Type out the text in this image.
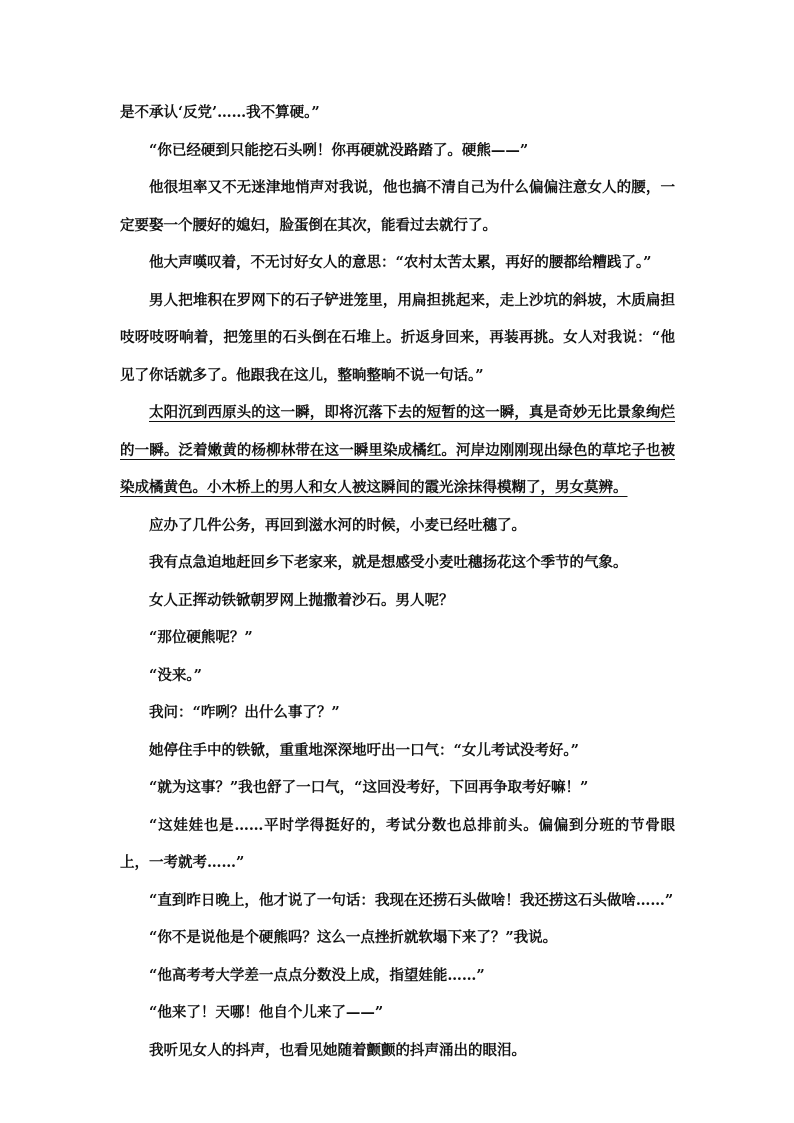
是不承认‘反党’……我不算硬。”

“你已经硬到只能挖石头咧！你再硬就没路踏了。硬熊——”

他很坦率又不无迷津地悄声对我说，他也搞不清自己为什么偏偏注意女人的腰，一定要娶一个腰好的媳妇，脸蛋倒在其次，能看过去就行了。

他大声嘆叹着，不无讨好女人的意思：“农村太苦太累，再好的腰都给糟践了。”

男人把堆积在罗网下的石子铲进笼里，用扁担挑起来，走上沙坑的斜坡，木质扁担吱呀吱呀响着，把笼里的石头倒在石堆上。折返身回来，再装再挑。女人对我说：“他见了你话就多了。他跟我在这儿，整晌整晌不说一句话。”

太阳沉到西原头的这一瞬，即将沉落下去的短暂的这一瞬，真是奇妙无比景象绚烂的一瞬。泛着嫩黄的杨柳林带在这一瞬里染成橘红。河岸边刚刚现出绿色的草坨子也被染成橘黄色。小木桥上的男人和女人被这瞬间的霞光涂抹得模糊了，男女莫辨。

应办了几件公务，再回到滋水河的时候，小麦已经吐穗了。

我有点急迫地赶回乡下老家来，就是想感受小麦吐穗扬花这个季节的气象。

女人正挥动铁锨朝罗网上抛撒着沙石。男人呢？

“那位硬熊呢？”

“没来。”

我问：“咋咧？出什么事了？”

她停住手中的铁锨，重重地深深地吁出一口气：“女儿考试没考好。”

“就为这事？”我也舒了一口气，“这回没考好，下回再争取考好嘛！”

“这娃娃也是……平时学得挺好的，考试分数也总排前头。偏偏到分班的节骨眼上，一考就考……”

“直到昨日晚上，他才说了一句话：我现在还捞石头做啥！我还捞这石头做啥……”

“你不是说他是个硬熊吗？这么一点挫折就软塌下来了？”我说。

“他高考考大学差一点点分数没上成，指望娃能……”

“他来了！天哪！他自个儿来了——”

我听见女人的抖声，也看见她随着颤颤的抖声涌出的眼泪。
